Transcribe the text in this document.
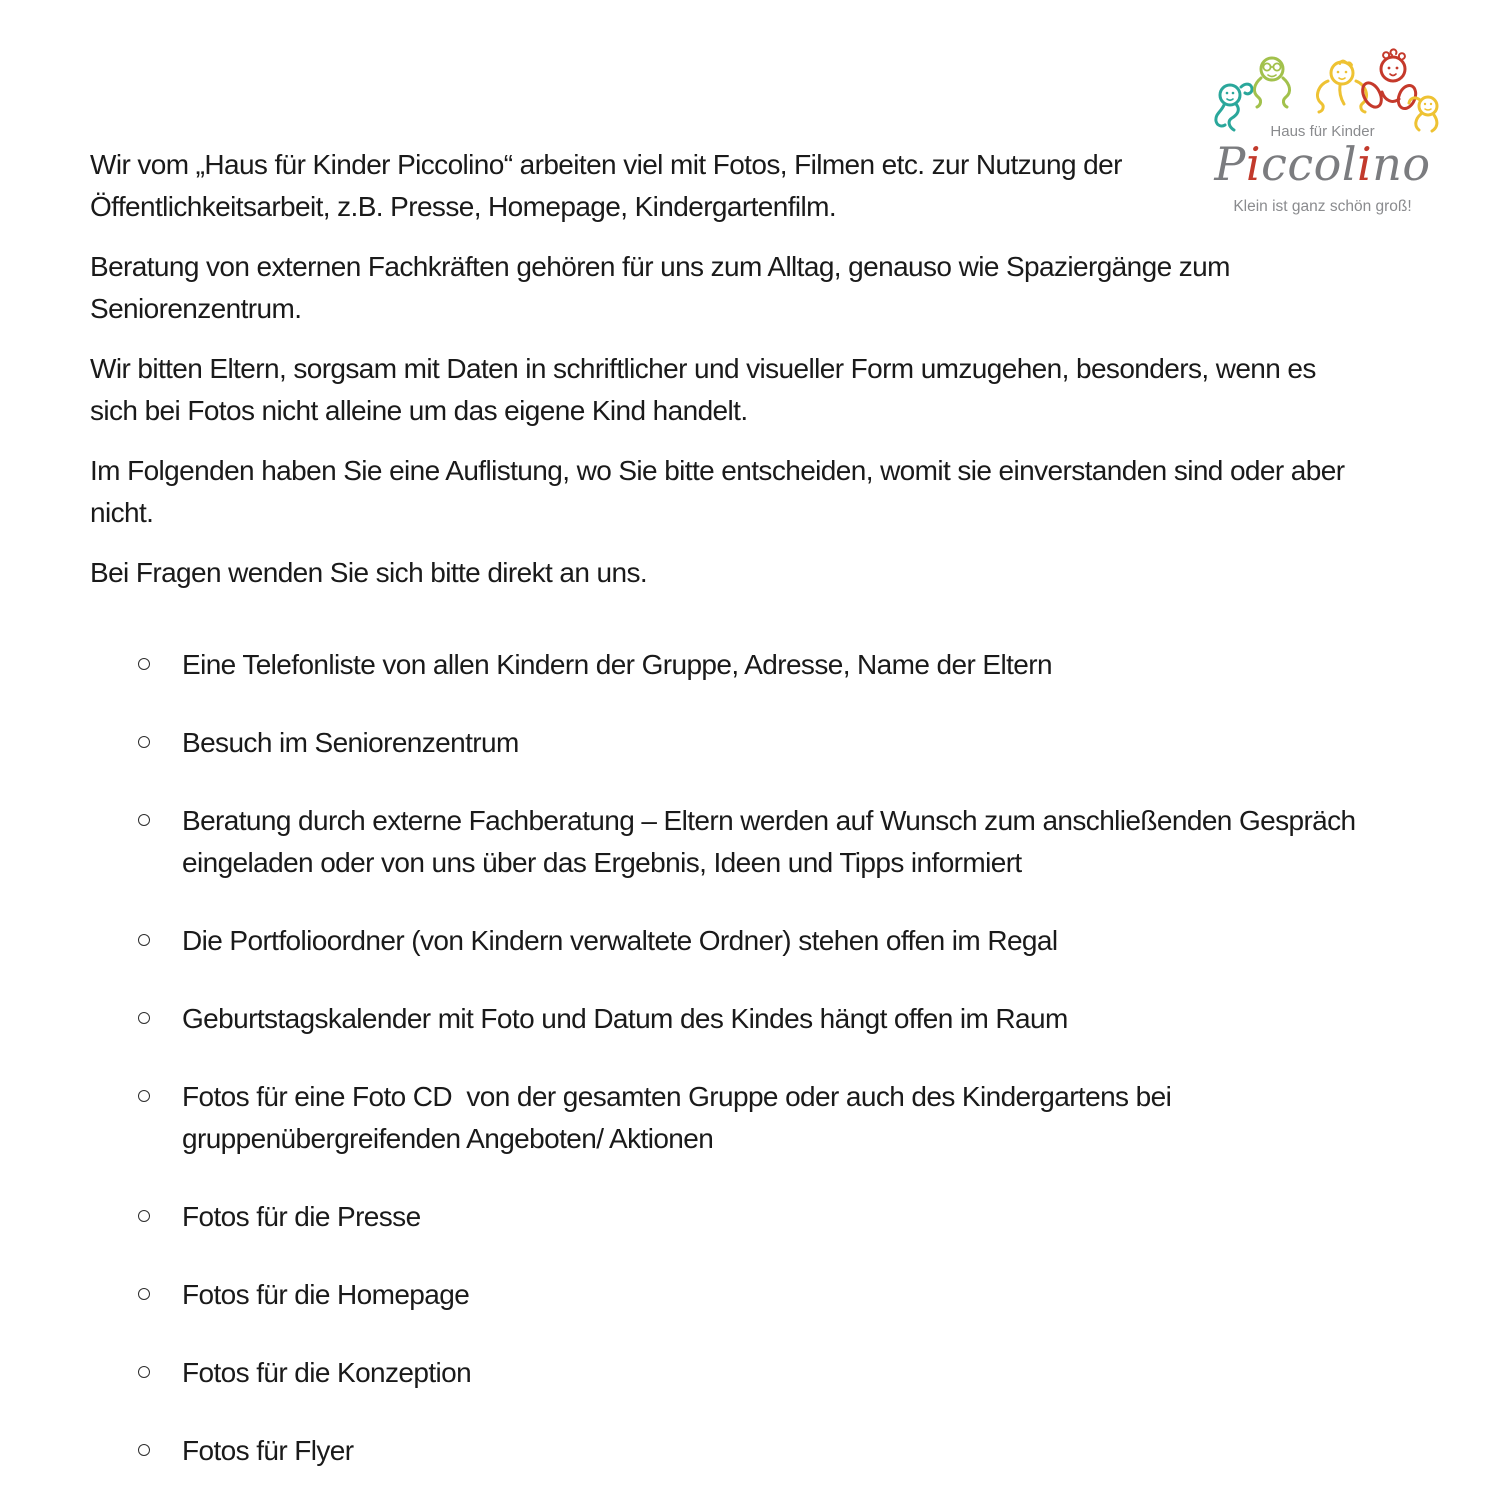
Haus für Kinder
Piccolino
Klein ist ganz schön groß!
Wir vom „Haus für Kinder Piccolino“ arbeiten viel mit Fotos, Filmen etc. zur Nutzung der
Öffentlichkeitsarbeit, z.B. Presse, Homepage, Kindergartenfilm.
Beratung von externen Fachkräften gehören für uns zum Alltag, genauso wie Spaziergänge zum
Seniorenzentrum.
Wir bitten Eltern, sorgsam mit Daten in schriftlicher und visueller Form umzugehen, besonders, wenn es
sich bei Fotos nicht alleine um das eigene Kind handelt.
Im Folgenden haben Sie eine Auflistung, wo Sie bitte entscheiden, womit sie einverstanden sind oder aber
nicht.
Bei Fragen wenden Sie sich bitte direkt an uns.
Eine Telefonliste von allen Kindern der Gruppe, Adresse, Name der Eltern
Besuch im Seniorenzentrum
Beratung durch externe Fachberatung – Eltern werden auf Wunsch zum anschließenden Gespräch
eingeladen oder von uns über das Ergebnis, Ideen und Tipps informiert
Die Portfolioordner (von Kindern verwaltete Ordner) stehen offen im Regal
Geburtstagskalender mit Foto und Datum des Kindes hängt offen im Raum
Fotos für eine Foto CD  von der gesamten Gruppe oder auch des Kindergartens bei
gruppenübergreifenden Angeboten/ Aktionen
Fotos für die Presse
Fotos für die Homepage
Fotos für die Konzeption
Fotos für Flyer
